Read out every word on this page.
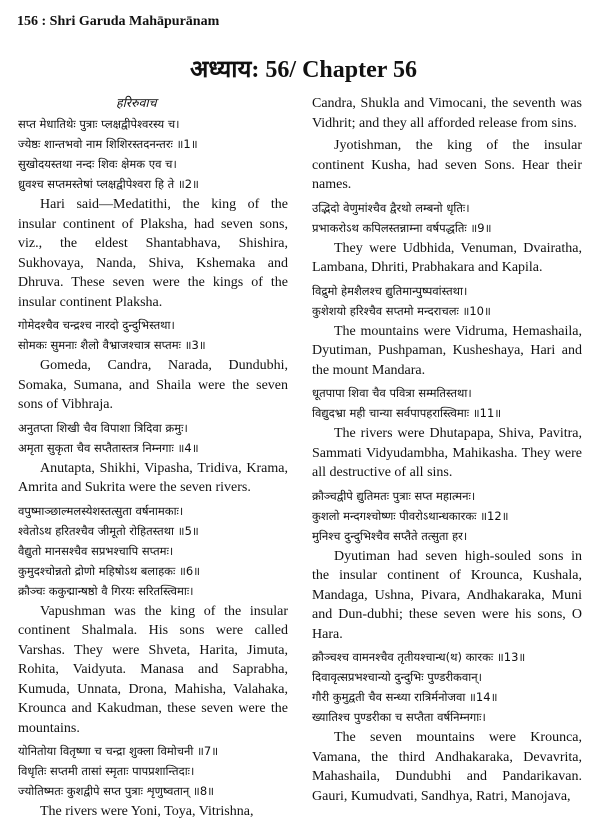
156 : Shri Garuda Mahāpurānam
अध्याय: 56/ Chapter 56
हरिरुवाच
सप्त मेधातिथेः पुत्राः प्लक्षद्वीपेश्वरस्य च।
ज्येष्ठः शान्तभवो नाम शिशिरस्तदनन्तरः ॥1॥
सुखोदयस्तथा नन्दः शिवः क्षेमक एव च।
ध्रुवश्च सप्तमस्तेषां प्लक्षद्वीपेश्वरा हि ते ॥2॥

Hari said—Medatithi, the king of the insular continent of Plaksha, had seven sons, viz., the eldest Shantabhava, Shishira, Sukhovaya, Nanda, Shiva, Kshemaka and Dhruva. These seven were the kings of the insular continent Plaksha.

गोमेदश्चैव चन्द्रश्च नारदो दुन्दुभिस्तथा।
सोमकः सुमनाः शैलो वैभ्राजश्चात्र सप्तमः ॥3॥

Gomeda, Candra, Narada, Dundubhi, Somaka, Sumana, and Shaila were the seven sons of Vibhraja.

अनुतप्ता शिखी चैव विपाशा त्रिदिवा क्रमुः।
अमृता सुकृता चैव सप्तैतास्तत्र निम्नगाः ॥4॥

Anutapta, Shikhi, Vipasha, Tridiva, Krama, Amrita and Sukrita were the seven rivers.

वपुष्माञ्छाल्मलस्येशस्तत्सुता वर्षनामकाः।
श्वेतोऽथ हरितश्चैव जीमूतो रोहितस्तथा ॥5॥
वैद्युतो मानसश्चैव सप्रभश्चापि सप्तमः।
कुमुदश्चोन्नतो द्रोणो महिषोऽथ बलाहकः ॥6॥
क्रौञ्चः ककुद्मान्षष्ठो वै गिरयः सरितस्त्विमाः।

Vapushman was the king of the insular continent Shalmala. His sons were called Varshas. They were Shveta, Harita, Jimuta, Rohita, Vaidyuta. Manasa and Saprabha, Kumuda, Unnata, Drona, Mahisha, Valahaka, Krounca and Kakudman, these seven were the mountains.

योनितोया वितृष्णा च चन्द्रा शुक्ला विमोचनी ॥7॥
विधृतिः सप्तमी तासां स्मृताः पापप्रशान्तिदाः।
ज्योतिष्मतः कुशद्वीपे सप्त पुत्राः शृणुष्वतान् ॥8॥

The rivers were Yoni, Toya, Vitrishna,

Candra, Shukla and Vimocani, the seventh was Vidhrit; and they all afforded release from sins.

Jyotishman, the king of the insular continent Kusha, had seven Sons. Hear their names.

उद्भिदो वेणुमांश्चैव द्वैरथो लम्बनो धृतिः।
प्रभाकरोऽथ कपिलस्तन्नाम्ना वर्षपद्धतिः ॥9॥

They were Udbhida, Venuman, Dvairatha, Lambana, Dhriti, Prabhakara and Kapila.

विद्रुमो हेमशैलश्च द्युतिमान्पुष्पवांस्तथा।
कुशेशयो हरिश्चैव सप्तमो मन्दराचलः ॥10॥

The mountains were Vidruma, Hemashaila, Dyutiman, Pushpaman, Kusheshaya, Hari and the mount Mandara.

धूतपापा शिवा चैव पवित्रा सम्मतिस्तथा।
विद्युदभ्रा मही चान्या सर्वपापहरास्त्विमाः ॥11॥

The rivers were Dhutapapa, Shiva, Pavitra, Sammati Vidyudambha, Mahikasha. They were all destructive of all sins.

क्रौञ्चद्वीपे द्युतिमतः पुत्राः सप्त महात्मनः।
कुशलो मन्दगश्चोष्णः पीवरोऽथान्धकारकः ॥12॥
मुनिश्च दुन्दुभिश्चैव सप्तैते तत्सुता हर।

Dyutiman had seven high-souled sons in the insular continent of Krounca, Kushala, Mandaga, Ushna, Pivara, Andhakaraka, Muni and Dun-dubhi; these seven were his sons, O Hara.

क्रौञ्चश्च वामनश्चैव तृतीयश्चान्ध(थ) कारकः ॥13॥
दिवावृत्सप्रभश्चान्यो दुन्दुभिः पुण्डरीकवान्।
गौरी कुमुद्वती चैव सन्ध्या रात्रिर्मनोजवा ॥14॥
ख्यातिश्च पुण्डरीका च सप्तैता वर्षनिम्नगाः।

The seven mountains were Krounca, Vamana, the third Andhakaraka, Devavrita, Mahashaila, Dundubhi and Pandarikavan. Gauri, Kumudvati, Sandhya, Ratri, Manojava,
